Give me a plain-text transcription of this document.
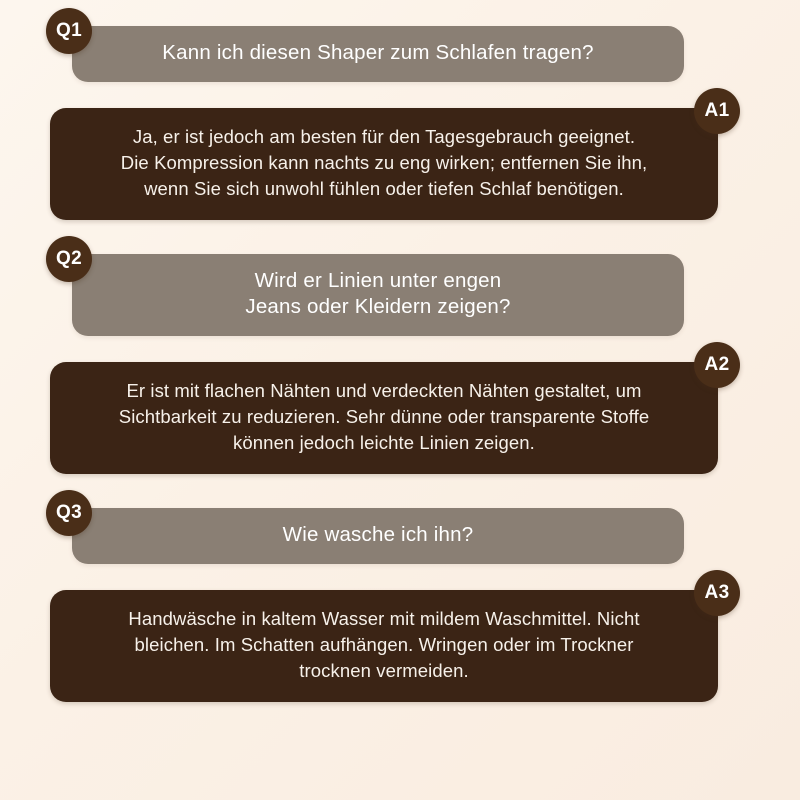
Q1
Kann ich diesen Shaper zum Schlafen tragen?
A1
Ja, er ist jedoch am besten für den Tagesgebrauch geeignet.
Die Kompression kann nachts zu eng wirken; entfernen Sie ihn,
wenn Sie sich unwohl fühlen oder tiefen Schlaf benötigen.
Q2
Wird er Linien unter engen
Jeans oder Kleidern zeigen?
A2
Er ist mit flachen Nähten und verdeckten Nähten gestaltet, um
Sichtbarkeit zu reduzieren. Sehr dünne oder transparente Stoffe
können jedoch leichte Linien zeigen.
Q3
Wie wasche ich ihn?
A3
Handwäsche in kaltem Wasser mit mildem Waschmittel. Nicht
bleichen. Im Schatten aufhängen. Wringen oder im Trockner
trocknen vermeiden.
